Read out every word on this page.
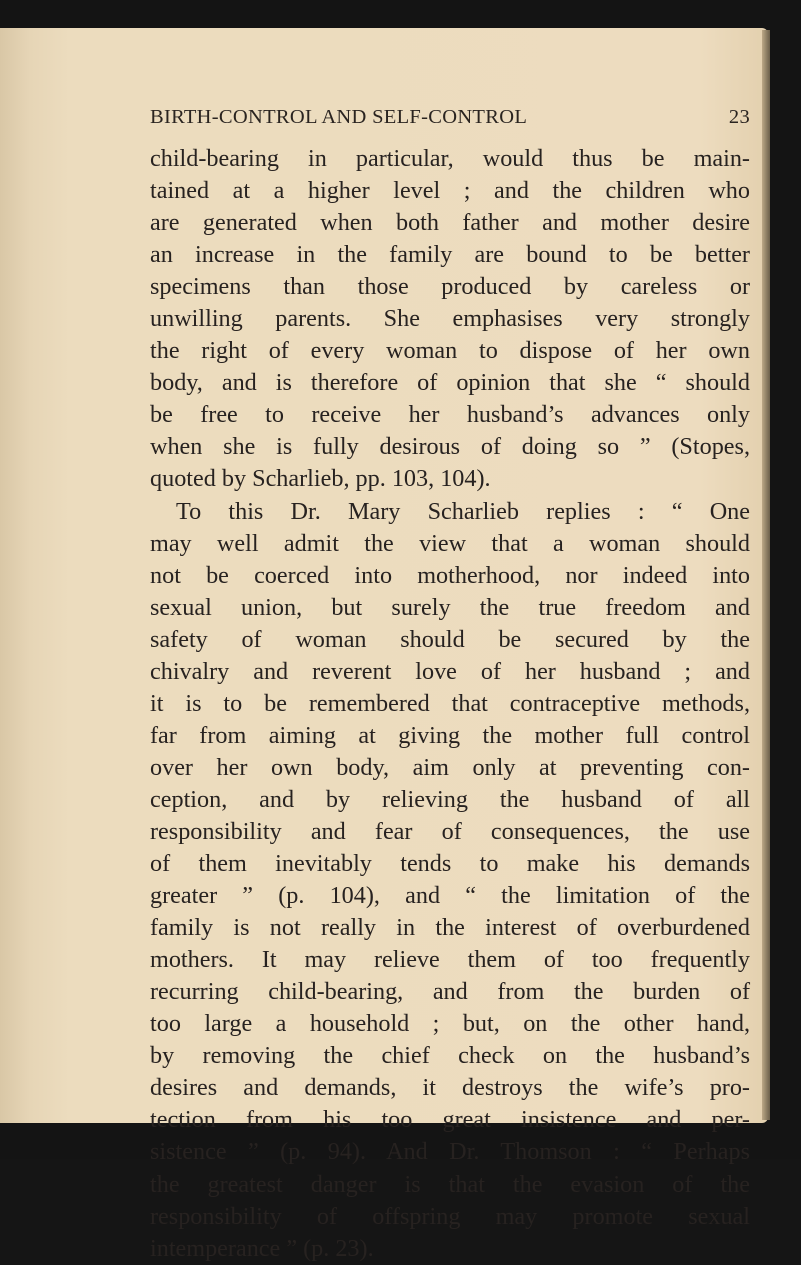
BIRTH-CONTROL AND SELF-CONTROL	23
child-bearing in particular, would thus be main-
tained at a higher level ; and the children who
are generated when both father and mother desire
an increase in the family are bound to be better
specimens than those produced by careless or
unwilling parents. She emphasises very strongly
the right of every woman to dispose of her own
body, and is therefore of opinion that she “ should
be free to receive her husband’s advances only
when she is fully desirous of doing so ” (Stopes,
quoted by Scharlieb, pp. 103, 104).
To this Dr. Mary Scharlieb replies : “ One
may well admit the view that a woman should
not be coerced into motherhood, nor indeed into
sexual union, but surely the true freedom and
safety of woman should be secured by the
chivalry and reverent love of her husband ; and
it is to be remembered that contraceptive methods,
far from aiming at giving the mother full control
over her own body, aim only at preventing con-
ception, and by relieving the husband of all
responsibility and fear of consequences, the use
of them inevitably tends to make his demands
greater ” (p. 104), and “ the limitation of the
family is not really in the interest of overburdened
mothers. It may relieve them of too frequently
recurring child-bearing, and from the burden of
too large a household ; but, on the other hand,
by removing the chief check on the husband’s
desires and demands, it destroys the wife’s pro-
tection from his too great insistence and per-
sistence ” (p. 94). And Dr. Thomson : “ Perhaps
the greatest danger is that the evasion of the
responsibility of offspring may promote sexual
intemperance ” (p. 23).
